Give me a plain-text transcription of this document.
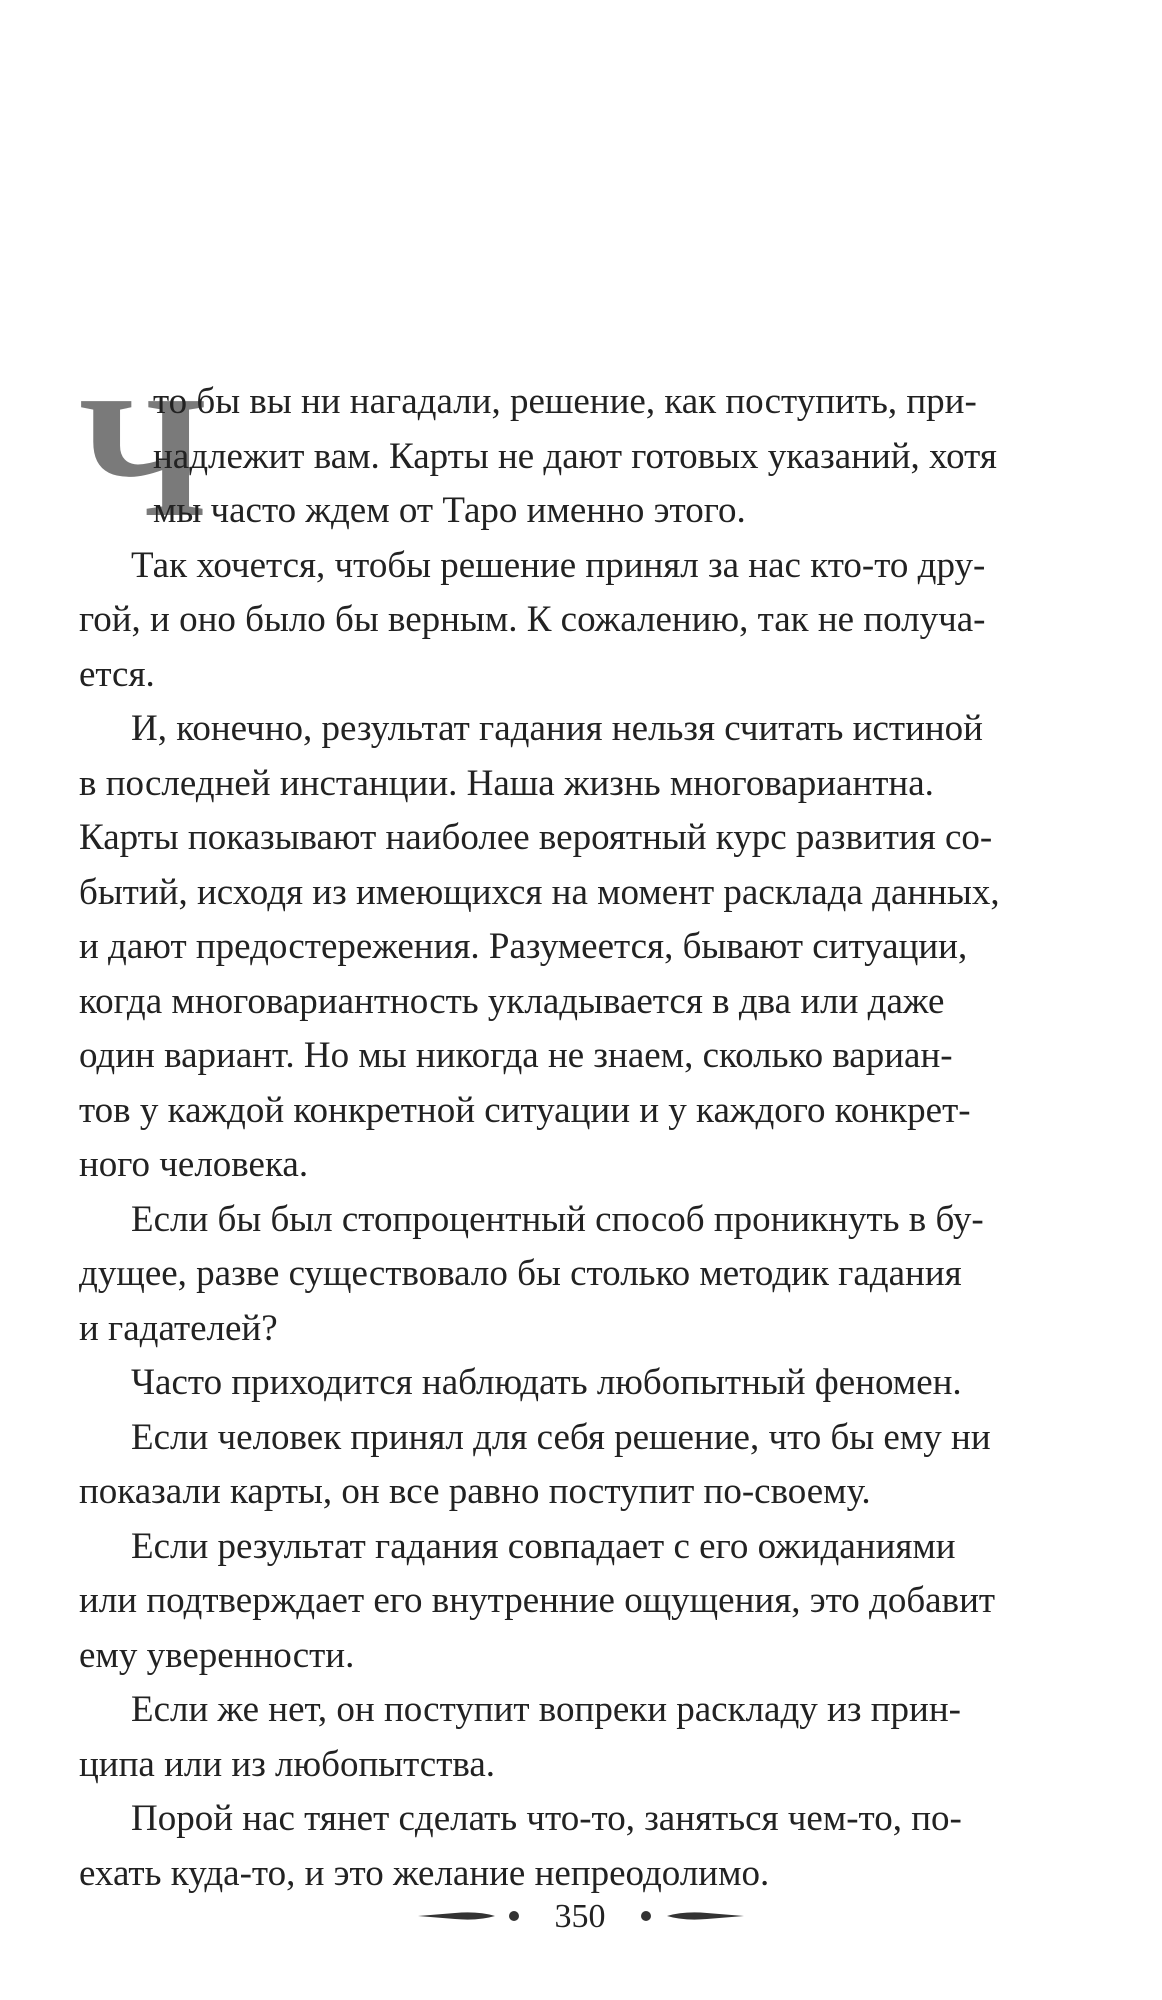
Ч
то бы вы ни нагадали, решение, как поступить, при-
надлежит вам. Карты не дают готовых указаний, хотя
мы часто ждем от Таро именно этого.
Так хочется, чтобы решение принял за нас кто-то дру-
гой, и оно было бы верным. К сожалению, так не получа-
ется.
И, конечно, результат гадания нельзя считать истиной
в последней инстанции. Наша жизнь многовариантна.
Карты показывают наиболее вероятный курс развития со-
бытий, исходя из имеющихся на момент расклада данных,
и дают предостережения. Разумеется, бывают ситуации,
когда многовариантность укладывается в два или даже
один вариант. Но мы никогда не знаем, сколько вариан-
тов у каждой конкретной ситуации и у каждого конкрет-
ного человека.
Если бы был стопроцентный способ проникнуть в бу-
дущее, разве существовало бы столько методик гадания
и гадателей?
Часто приходится наблюдать любопытный феномен.
Если человек принял для себя решение, что бы ему ни
показали карты, он все равно поступит по-своему.
Если результат гадания совпадает с его ожиданиями
или подтверждает его внутренние ощущения, это добавит
ему уверенности.
Если же нет, он поступит вопреки раскладу из прин-
ципа или из любопытства.
Порой нас тянет сделать что-то, заняться чем-то, по-
ехать куда-то, и это желание непреодолимо.
350
